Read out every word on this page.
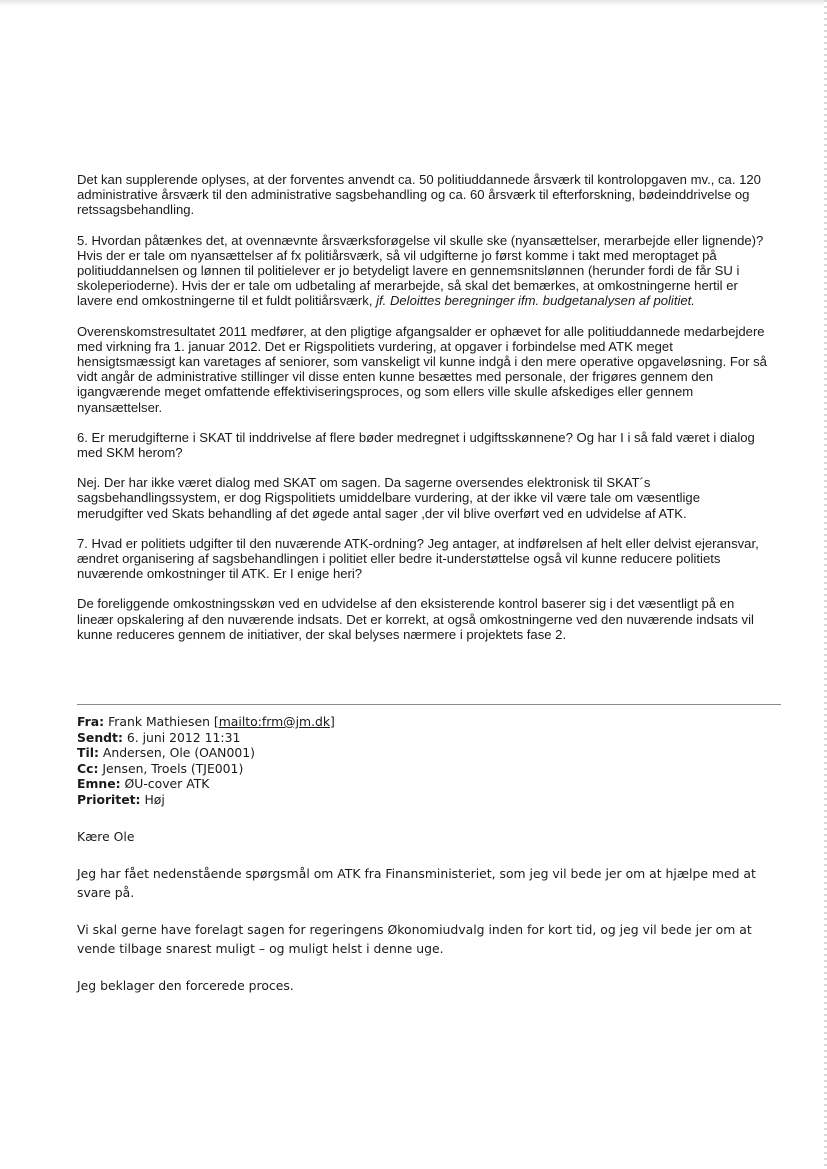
Det kan supplerende oplyses, at der forventes anvendt ca. 50 politiuddannede årsværk til kontrolopgaven mv., ca. 120 administrative årsværk til den administrative sagsbehandling og ca. 60 årsværk til efterforskning, bødeinddrivelse og retssagsbehandling.

5. Hvordan påtænkes det, at ovennævnte årsværksforøgelse vil skulle ske (nyansættelser, merarbejde eller lignende)? Hvis der er tale om nyansættelser af fx politiårsværk, så vil udgifterne jo først komme i takt med meroptaget på politiuddannelsen og lønnen til politielever er jo betydeligt lavere en gennemsnitslønnen (herunder fordi de får SU i skoleperioderne). Hvis der er tale om udbetaling af merarbejde, så skal det bemærkes, at omkostningerne hertil er lavere end omkostningerne til et fuldt politiårsværk, jf. Deloittes beregninger ifm. budgetanalysen af politiet.

Overenskomstresultatet 2011 medfører, at den pligtige afgangsalder er ophævet for alle politiuddannede medarbejdere med virkning fra 1. januar 2012. Det er Rigspolitiets vurdering, at opgaver i forbindelse med ATK meget hensigtsmæssigt kan varetages af seniorer, som vanskeligt vil kunne indgå i den mere operative opgaveløsning. For så vidt angår de administrative stillinger vil disse enten kunne besættes med personale, der frigøres gennem den igangværende meget omfattende effektiviseringsproces, og som ellers ville skulle afskediges eller gennem nyansættelser.

6. Er merudgifterne i SKAT til inddrivelse af flere bøder medregnet i udgiftsskønnene? Og har I i så fald været i dialog med SKM herom?

Nej. Der har ikke været dialog med SKAT om sagen. Da sagerne oversendes elektronisk til SKAT´s sagsbehandlingssystem, er dog Rigspolitiets umiddelbare vurdering, at der ikke vil være tale om væsentlige merudgifter ved Skats behandling af det øgede antal sager ,der vil blive overført ved en udvidelse af ATK.

7. Hvad er politiets udgifter til den nuværende ATK-ordning? Jeg antager, at indførelsen af helt eller delvist ejeransvar, ændret organisering af sagsbehandlingen i politiet eller bedre it-understøttelse også vil kunne reducere politiets nuværende omkostninger til ATK. Er I enige heri?

De foreliggende omkostningsskøn ved en udvidelse af den eksisterende kontrol baserer sig i det væsentligt på en lineær opskalering af den nuværende indsats. Det er korrekt, at også omkostningerne ved den nuværende indsats vil kunne reduceres gennem de initiativer, der skal belyses nærmere i projektets fase 2.

Fra: Frank Mathiesen [mailto:frm@jm.dk]
Sendt: 6. juni 2012 11:31
Til: Andersen, Ole (OAN001)
Cc: Jensen, Troels (TJE001)
Emne: ØU-cover ATK
Prioritet: Høj

Kære Ole

Jeg har fået nedenstående spørgsmål om ATK fra Finansministeriet, som jeg vil bede jer om at hjælpe med at svare på.

Vi skal gerne have forelagt sagen for regeringens Økonomiudvalg inden for kort tid, og jeg vil bede jer om at vende tilbage snarest muligt – og muligt helst i denne uge.

Jeg beklager den forcerede proces.
